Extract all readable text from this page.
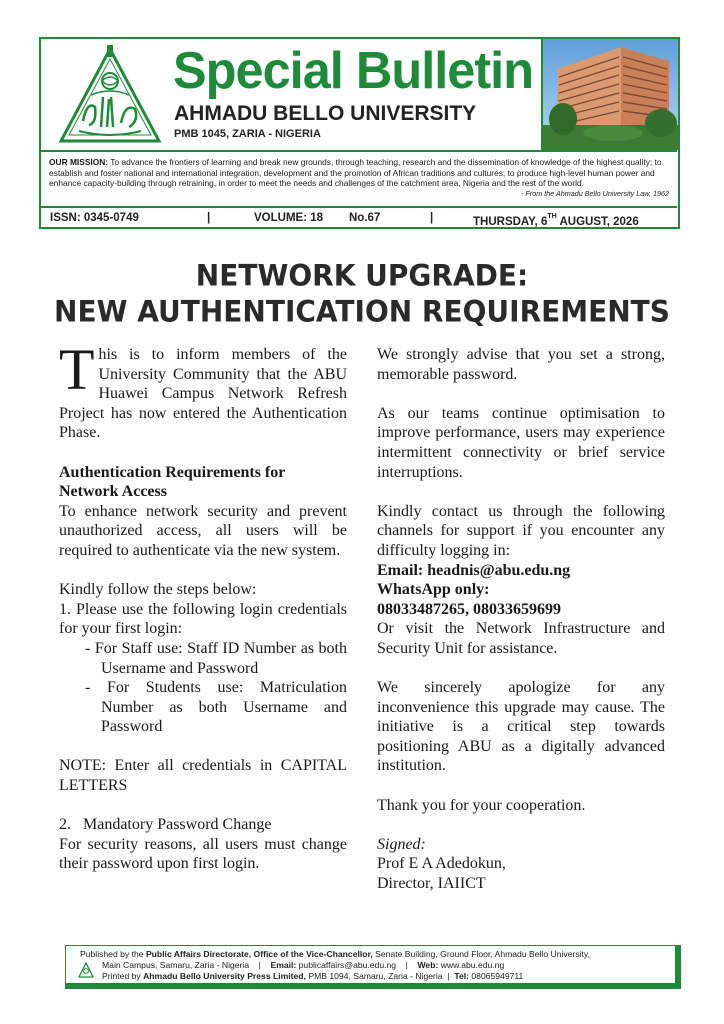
Special Bulletin
AHMADU BELLO UNIVERSITY
PMB 1045, ZARIA - NIGERIA
OUR MISSION: To advance the frontiers of learning and break new grounds, through teaching, research and the dissemination of knowledge of the highest quality; to establish and foster national and international integration, development and the promotion of African traditions and cultures; to produce high-level human power and enhance capacity-building through retraining, in order to meet the needs and challenges of the catchment area, Nigeria and the rest of the world.
- From the Ahmadu Bello University Law, 1962
ISSN: 0345-0749	|	VOLUME: 18 No.67	|	THURSDAY, 6TH AUGUST, 2026
NETWORK UPGRADE:
NEW AUTHENTICATION REQUIREMENTS

This is to inform members of the University Community that the ABU Huawei Campus Network Refresh Project has now entered the Authentication Phase.

Authentication Requirements for Network Access

To enhance network security and prevent unauthorized access, all users will be required to authenticate via the new system.

Kindly follow the steps below:

1. Please use the following login credentials for your first login:

- For Staff use: Staff ID Number as both Username and Password

- For Students use: Matriculation Number as both Username and Password

NOTE: Enter all credentials in CAPITAL LETTERS

2.   Mandatory Password Change

For security reasons, all users must change their password upon first login.

We strongly advise that you set a strong, memorable password.

As our teams continue optimisation to improve performance, users may experience intermittent connectivity or brief service interruptions.

Kindly contact us through the following channels for support if you encounter any difficulty logging in:

Email: headnis@abu.edu.ng

WhatsApp only:

08033487265, 08033659699

Or visit the Network Infrastructure and Security Unit for assistance.

We sincerely apologize for any inconvenience this upgrade may cause. The initiative is a critical step towards positioning ABU as a digitally advanced institution.

Thank you for your cooperation.

Signed:

Prof E A Adedokun,

Director, IAIICT

Published by the Public Affairs Directorate, Office of the Vice-Chancellor, Senate Building, Ground Floor, Ahmadu Bello University,
Main Campus, Samaru, Zaria - Nigeria | Email: publicaffairs@abu.edu.ng | Web: www.abu.edu.ng
Printed by Ahmadu Bello University Press Limited, PMB 1094, Samaru, Zaria - Nigeria | Tel: 08065949711
